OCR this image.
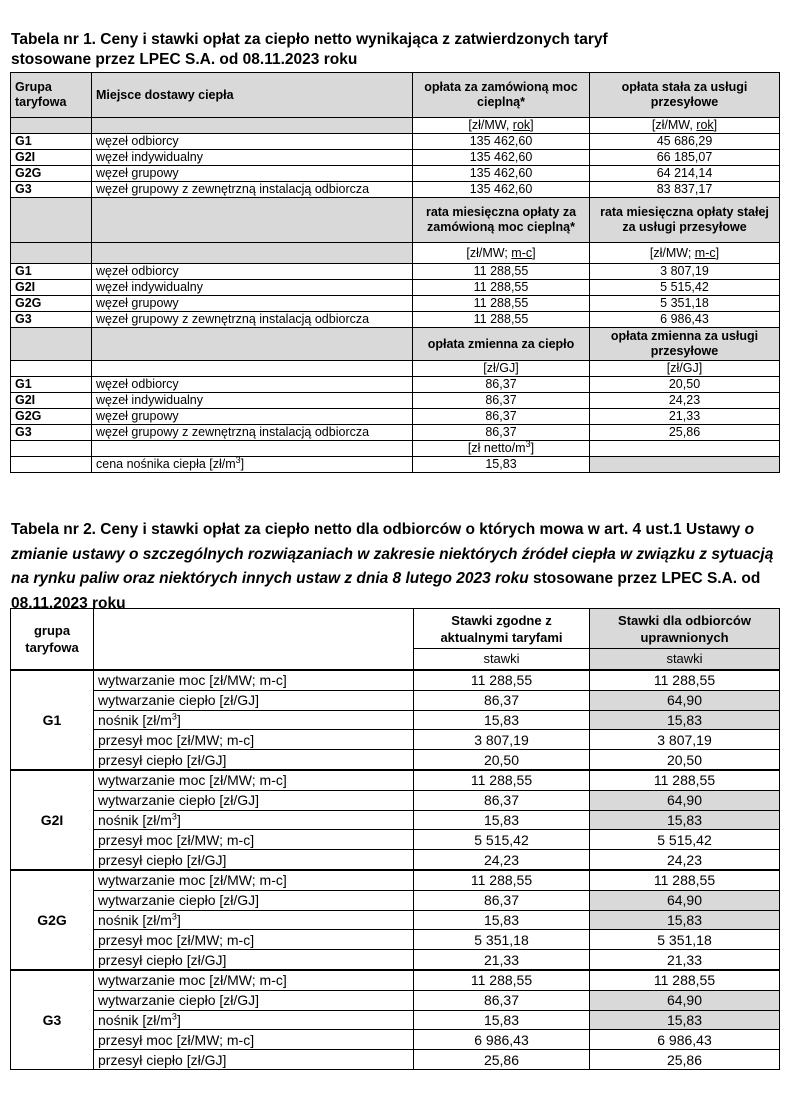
Tabela nr 1. Ceny i stawki opłat za ciepło netto wynikająca z zatwierdzonych taryf
stosowane przez LPEC S.A. od 08.11.2023 roku
Grupa taryfowa	Miejsce dostawy ciepła	opłata za zamówioną moc cieplną*	opłata stała za usługi przesyłowe
		[zł/MW, rok]	[zł/MW, rok]
G1	węzeł odbiorcy	135 462,60	45 686,29
G2I	węzeł indywidualny	135 462,60	66 185,07
G2G	węzeł grupowy	135 462,60	64 214,14
G3	węzeł grupowy z zewnętrzną instalacją odbiorcza	135 462,60	83 837,17
		rata miesięczna opłaty za zamówioną moc cieplną*	rata miesięczna opłaty stałej za usługi przesyłowe
		[zł/MW; m-c]	[zł/MW; m-c]
G1	węzeł odbiorcy	11 288,55	3 807,19
G2I	węzeł indywidualny	11 288,55	5 515,42
G2G	węzeł grupowy	11 288,55	5 351,18
G3	węzeł grupowy z zewnętrzną instalacją odbiorcza	11 288,55	6 986,43
		opłata zmienna za ciepło	opłata zmienna za usługi przesyłowe
		[zł/GJ]	[zł/GJ]
G1	węzeł odbiorcy	86,37	20,50
G2I	węzeł indywidualny	86,37	24,23
G2G	węzeł grupowy	86,37	21,33
G3	węzeł grupowy z zewnętrzną instalacją odbiorcza	86,37	25,86
		[zł netto/$m^3$]	
	cena nośnika ciepła $[zł/m^3]$	15,83	
Tabela nr 2. Ceny i stawki opłat za ciepło netto dla odbiorców o których mowa w art. 4 ust.1 Ustawy o zmianie ustawy o szczególnych rozwiązaniach w zakresie niektórych źródeł ciepła w związku z sytuacją na rynku paliw oraz niektórych innych ustaw z dnia 8 lutego 2023 roku stosowane przez LPEC S.A. od 08.11.2023 roku
grupa taryfowa		Stawki zgodne z aktualnymi taryfami	Stawki dla odbiorców uprawnionych
		stawki	stawki
G1	wytwarzanie moc [zł/MW; m-c]	11 288,55	11 288,55
	wytwarzanie ciepło [zł/GJ]	86,37	64,90
	nośnik $[zł/m^3]$	15,83	15,83
	przesył moc [zł/MW; m-c]	3 807,19	3 807,19
	przesył ciepło [zł/GJ]	20,50	20,50
G2I	wytwarzanie moc [zł/MW; m-c]	11 288,55	11 288,55
	wytwarzanie ciepło [zł/GJ]	86,37	64,90
	nośnik $[zł/m^3]$	15,83	15,83
	przesył moc [zł/MW; m-c]	5 515,42	5 515,42
	przesył ciepło [zł/GJ]	24,23	24,23
G2G	wytwarzanie moc [zł/MW; m-c]	11 288,55	11 288,55
	wytwarzanie ciepło [zł/GJ]	86,37	64,90
	nośnik $[zł/m^3]$	15,83	15,83
	przesył moc [zł/MW; m-c]	5 351,18	5 351,18
	przesył ciepło [zł/GJ]	21,33	21,33
G3	wytwarzanie moc [zł/MW; m-c]	11 288,55	11 288,55
	wytwarzanie ciepło [zł/GJ]	86,37	64,90
	nośnik $[zł/m^3]$	15,83	15,83
	przesył moc [zł/MW; m-c]	6 986,43	6 986,43
	przesył ciepło [zł/GJ]	25,86	25,86
